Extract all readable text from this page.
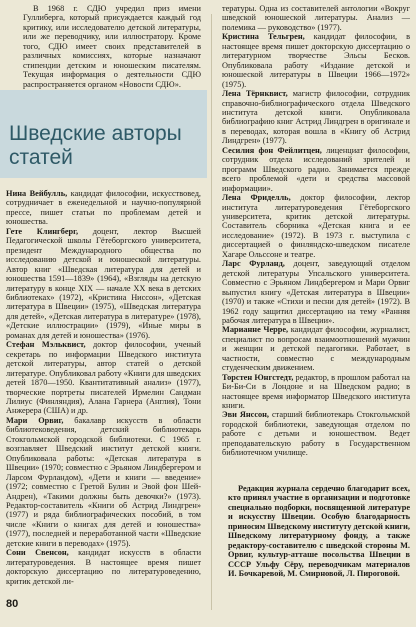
В 1968 г. СДЮ учредил приз имени Гуллиберга, который присуждается каждый год критику, или исследователю детской литературы, или же переводчику, или иллюстратору. Кроме того, СДЮ имеет своих представителей в различных комиссиях, которые назначают стипендии детским и юношеским писателям. Текущая информация о деятельности СДЮ распространяется органом «Новости СДЮ».

Шведские авторы статей

Нина Вейбулль, кандидат философии, искусствовед, сотрудничает в еженедельной и научно-популярной прессе, пишет статьи по проблемам детей и юношества.

Гете Клингберг, доцент, лектор Высшей Педагогической школы Гётеборгского университета, президент Международного общества по исследованию детской и юношеской литературы. Автор книг «Шведская литература для детей и юношества 1591—1839» (1964), «Взгляды на детскую литературу в конце XIX — начале XX века в детских библиотеках» (1972), «Кристина Ниссон», «Детская литература в Швеции» (1975), «Шведская литература для детей», «Детская литература в литературе» (1978), «Детские иллюстрации» (1979), «Иные миры в романах для детей и юношества» (1976).

Стефан Мэльквист, доктор философии, ученый секретарь по информации Шведского института детской литературы, автор статей о детской литературе. Опубликовал работу «Книги для шведских детей 1870—1950. Квантитативный анализ» (1977), творческие портреты писателей Ирмелин Сандман Лилиус (Финляндия), Алана Гарнера (Англия), Тони Анжерера (США) и др.

Мари Орвиг, бакалавр искусств в области библиотековедения, детский библиотекарь Стокгольмской городской библиотеки. С 1965 г. возглавляет Шведский институт детской книги. Опубликовала работы: «Детская литература в Швеции» (1970; совместно с Эрьяном Линдбергером и Ларсом Фурландом), «Дети и книги — введение» (1972; совместно с Гретой Булин и Эвой фон Шей-Андрен), «Такими должны быть девочки?» (1973). Редактор-составитель «Книги об Астрид Линдгрен» (1977) и ряда библиографических пособий, в том числе «Книги о книгах для детей и юношества» (1977), последней и переработанной части «Шведские детские книги в переводах» (1975).

Сони Свенсон, кандидат искусств в области литературоведения. В настоящее время пишет докторскую диссертацию по литературоведению, критик детской ли-

тературы. Одна из составителей антологии «Вокруг шведской юношеской литературы. Анализ — полемика — руководство» (1977).

Кристина Тельгрен, кандидат философии, в настоящее время пишет докторскую диссертацию о литературном творчестве Эльсы Бесков. Опубликовала работу «Издание детской и юношеской литературы в Швеции 1966—1972» (1975).

Лена Тёрнквист, магистр философии, сотрудник справочно-библиографического отдела Шведского института детской книги. Опубликовала библиографию книг Астрид Линдгрен в оригинале и в переводах, которая вошла в «Книгу об Астрид Линдгрен» (1977).

Сесилия фон Фейлитцен, лиценциат философии, сотрудник отдела исследований зрителей и программ Шведского радио. Занимается прежде всего проблемой «дети и средства массовой информации».

Лена Фриделль, доктор философии, лектор института литературоведения Гётеборгского университета, критик детской литературы. Составитель сборника «Детская книга и ее исследование» (1972). В 1973 г. выступила с диссертацией о финляндско-шведском писателе Хагаре Ольссоне и театре.

Ларс Фурланд, доцент, заведующий отделом детской литературы Упсальского университета. Совместно с Эрьяном Линдбергером и Мари Орвиг выпустил книгу «Детская литература в Швеции» (1970) и также «Стихи и песни для детей» (1972). В 1962 году защитил диссертацию на тему «Ранняя рабочая литература в Швеции».

Марианне Черре, кандидат философии, журналист, специалист по вопросам взаимоотношений мужчин и женщин и детской педагогики. Работает, в частности, совместно с международным студенческим движением.

Торстен Юнгстедт, редактор, в прошлом работал на Би-Би-Си в Лондоне и на Шведском радио; в настоящее время информатор Шведского института книги.

Эви Янссон, старший библиотекарь Стокгольмской городской библиотеки, заведующая отделом по работе с детьми и юношеством. Ведет преподавательскую работу в Государственном библиотечном училище.

Редакция журнала сердечно благодарит всех, кто принял участие в организации и подготовке специально подборки, посвященной литературе и искусству Швеции. Особую благодарность приносим Шведскому институту детской книги, Шведскому литературному фонду, а также редактору-составителю с шведской стороны М. Орвиг, культур-атташе посольства Швеции в СССР Ульфу Сёру, переводчикам материалов И. Бочкаревой, М. Смирновой, Л. Пироговой.

80
